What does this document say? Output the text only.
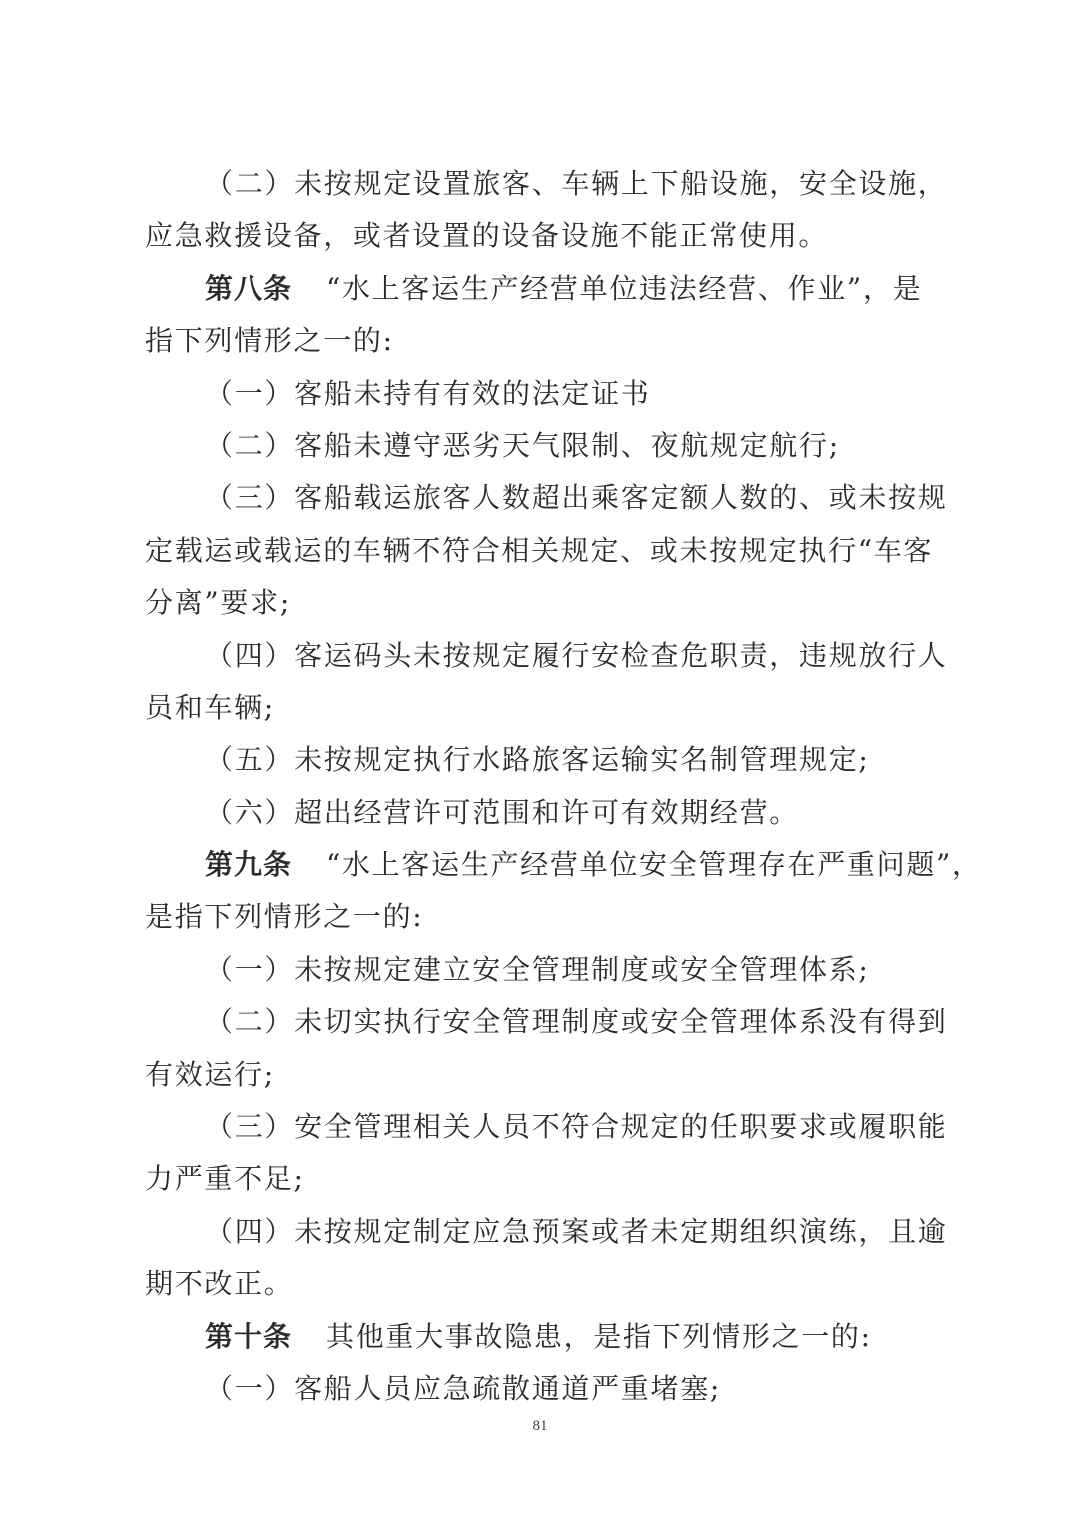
（二）未按规定设置旅客、车辆上下船设施，安全设施，
应急救援设备，或者设置的设备设施不能正常使用。
第八条 “水上客运生产经营单位违法经营、作业”，是
指下列情形之一的:
（一）客船未持有有效的法定证书
（二）客船未遵守恶劣天气限制、夜航规定航行;
（三）客船载运旅客人数超出乘客定额人数的、或未按规
定载运或载运的车辆不符合相关规定、或未按规定执行“车客
分离”要求;
（四）客运码头未按规定履行安检查危职责，违规放行人
员和车辆;
（五）未按规定执行水路旅客运输实名制管理规定;
（六）超出经营许可范围和许可有效期经营。
第九条 “水上客运生产经营单位安全管理存在严重问题”，
是指下列情形之一的:
（一）未按规定建立安全管理制度或安全管理体系;
（二）未切实执行安全管理制度或安全管理体系没有得到
有效运行;
（三）安全管理相关人员不符合规定的任职要求或履职能
力严重不足;
（四）未按规定制定应急预案或者未定期组织演练，且逾
期不改正。
第十条 其他重大事故隐患，是指下列情形之一的:
（一）客船人员应急疏散通道严重堵塞;
81
